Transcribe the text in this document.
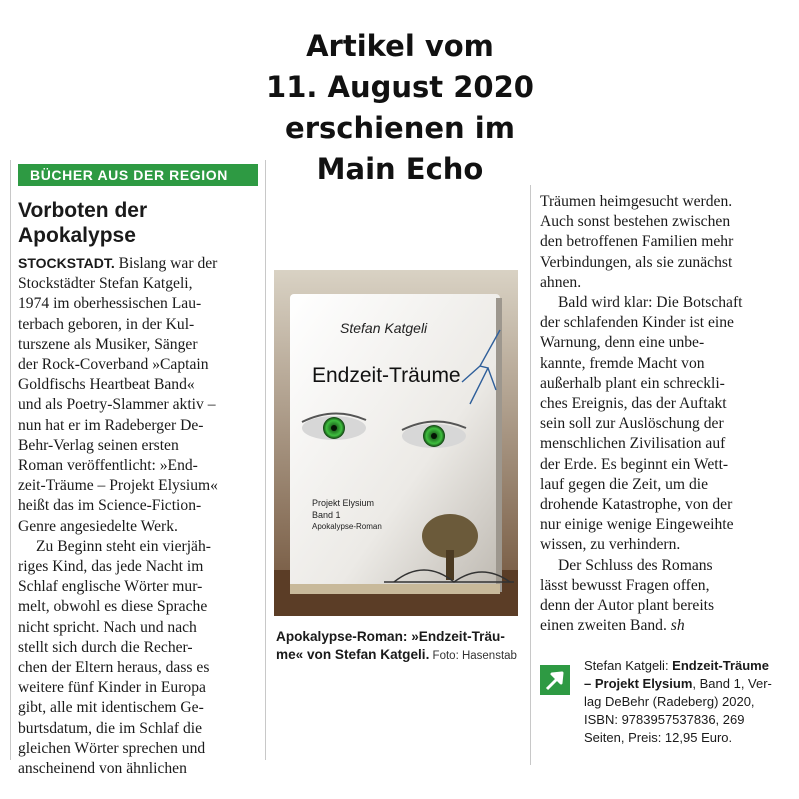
Artikel vom
11. August 2020
erschienen im
Main Echo
BÜCHER AUS DER REGION
Vorboten der
Apokalypse

STOCKSTADT. Bislang war der
Stockstädter Stefan Katgeli,
1974 im oberhessischen Lau-
terbach geboren, in der Kul-
turszene als Musiker, Sänger
der Rock-Coverband »Captain
Goldfischs Heartbeat Band«
und als Poetry-Slammer aktiv –
nun hat er im Radeberger De-
Behr-Verlag seinen ersten
Roman veröffentlicht: »End-
zeit-Träume – Projekt Elysium«
heißt das im Science-Fiction-
Genre angesiedelte Werk.

Zu Beginn steht ein vierjäh-
riges Kind, das jede Nacht im
Schlaf englische Wörter mur-
melt, obwohl es diese Sprache
nicht spricht. Nach und nach
stellt sich durch die Recher-
chen der Eltern heraus, dass es
weitere fünf Kinder in Europa
gibt, alle mit identischem Ge-
burtsdatum, die im Schlaf die
gleichen Wörter sprechen und
anscheinend von ähnlichen

Stefan Katgeli
Endzeit-Träume
Projekt Elysium
Band 1
Apokalypse-Roman
Apokalypse-Roman: »Endzeit-Träu-
me« von Stefan Katgeli. Foto: Hasenstab

Träumen heimgesucht werden.
Auch sonst bestehen zwischen
den betroffenen Familien mehr
Verbindungen, als sie zunächst
ahnen.

Bald wird klar: Die Botschaft
der schlafenden Kinder ist eine
Warnung, denn eine unbe-
kannte, fremde Macht von
außerhalb plant ein schreckli-
ches Ereignis, das der Auftakt
sein soll zur Auslöschung der
menschlichen Zivilisation auf
der Erde. Es beginnt ein Wett-
lauf gegen die Zeit, um die
drohende Katastrophe, von der
nur einige wenige Eingeweihte
wissen, zu verhindern.

Der Schluss des Romans
lässt bewusst Fragen offen,
denn der Autor plant bereits
einen zweiten Band. sh

Stefan Katgeli: Endzeit-Träume
– Projekt Elysium, Band 1, Ver-
lag DeBehr (Radeberg) 2020,
ISBN: 9783957537836, 269
Seiten, Preis: 12,95 Euro.
